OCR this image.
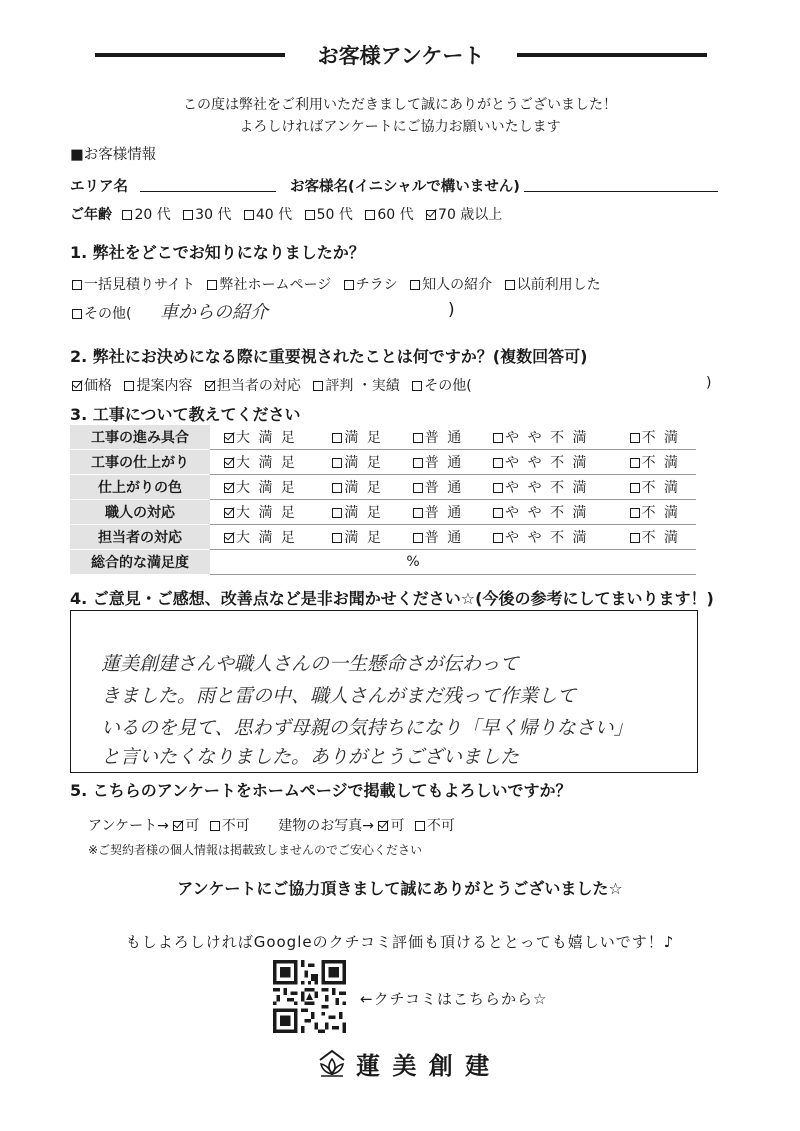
お客様アンケート
この度は弊社をご利用いただきまして誠にありがとうございました！
よろしければアンケートにご協力お願いいたします
■お客様情報
エリア名	お客様名(イニシャルで構いません)
ご年齢 20 代 30 代 40 代 50 代 60 代 70 歳以上
1. 弊社をどこでお知りになりましたか？
一括見積りサイト 弊社ホームページ チラシ 知人の紹介 以前利用した
その他( 車からの紹介	)
2. 弊社にお決めになる際に重要視されたことは何ですか？(複数回答可)
価格 提案内容 担当者の対応 評判 ・実績 その他(	)
3. 工事について教えてください
工事の進み具合	大 満 足	満 足	普 通	や や 不 満	不 満
工事の仕上がり	大 満 足	満 足	普 通	や や 不 満	不 満
仕上がりの色	大 満 足	満 足	普 通	や や 不 満	不 満
職人の対応	大 満 足	満 足	普 通	や や 不 満	不 満
担当者の対応	大 満 足	満 足	普 通	や や 不 満	不 満
総合的な満足度	%				
4. ご意見・ご感想、改善点など是非お聞かせください☆(今後の参考にしてまいります！)
蓮美創建さんや職人さんの一生懸命さが伝わって
きました。雨と雷の中、職人さんがまだ残って作業して
いるのを見て、思わず母親の気持ちになり「早く帰りなさい」
と言いたくなりました。ありがとうございました
5. こちらのアンケートをホームページで掲載してもよろしいですか？
アンケート→ 可 不可 建物のお写真→ 可 不可
※ご契約者様の個人情報は掲載致しませんのでご安心ください
アンケートにご協力頂きまして誠にありがとうございました☆
もしよろしければGoogleのクチコミ評価も頂けるととっても嬉しいです！♪
←クチコミはこちらから☆
蓮 美 創 建
